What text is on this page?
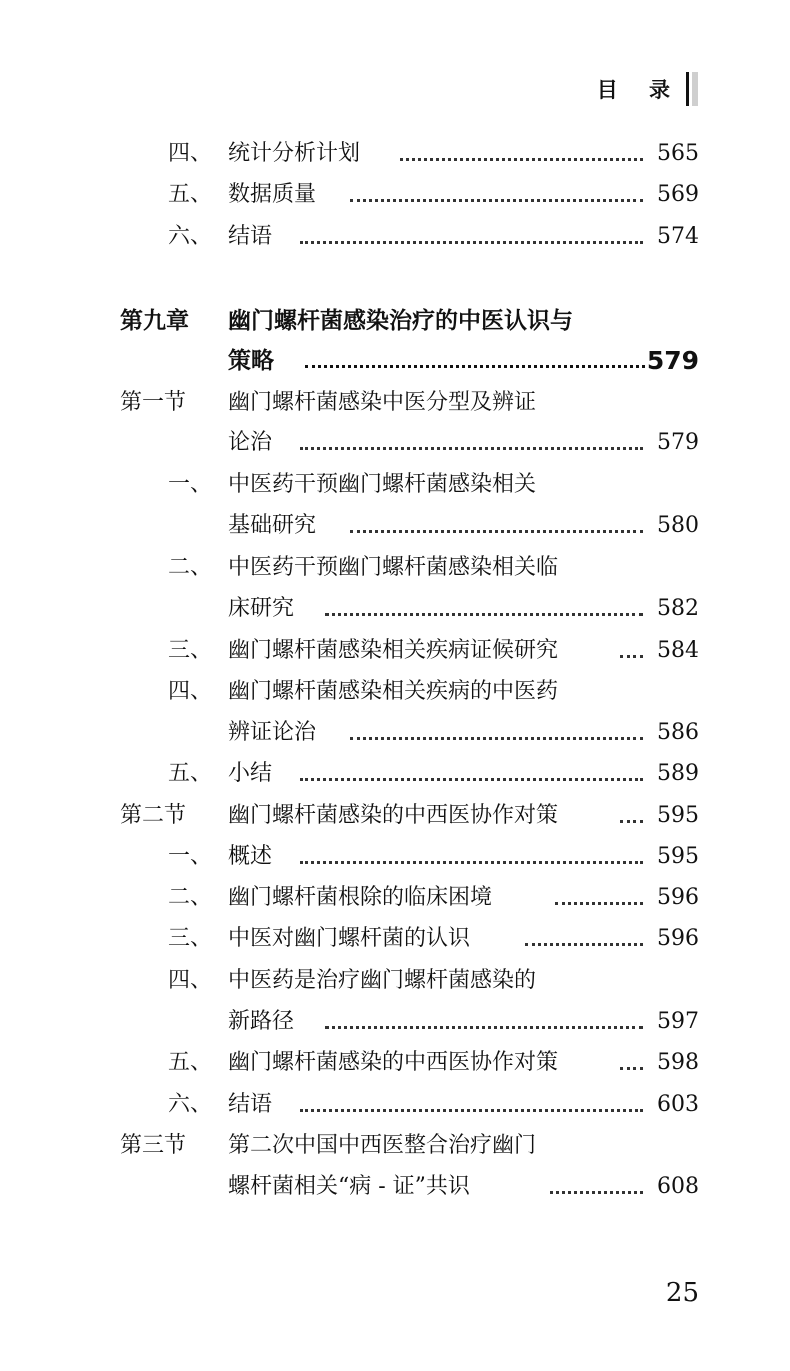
目 录
四、 统计分析计划	565
五、 数据质量	569
六、 结语	574
第九章	幽门螺杆菌感染治疗的中医认识与
策略	579
第一节	幽门螺杆菌感染中医分型及辨证
论治	579
一、 中医药干预幽门螺杆菌感染相关
基础研究	580
二、 中医药干预幽门螺杆菌感染相关临
床研究	582
三、 幽门螺杆菌感染相关疾病证候研究	584
四、 幽门螺杆菌感染相关疾病的中医药
辨证论治	586
五、 小结	589
第二节	幽门螺杆菌感染的中西医协作对策	595
一、 概述	595
二、 幽门螺杆菌根除的临床困境	596
三、 中医对幽门螺杆菌的认识	596
四、 中医药是治疗幽门螺杆菌感染的
新路径	597
五、 幽门螺杆菌感染的中西医协作对策	598
六、 结语	603
第三节	第二次中国中西医整合治疗幽门
螺杆菌相关“病 - 证”共识	608
25
